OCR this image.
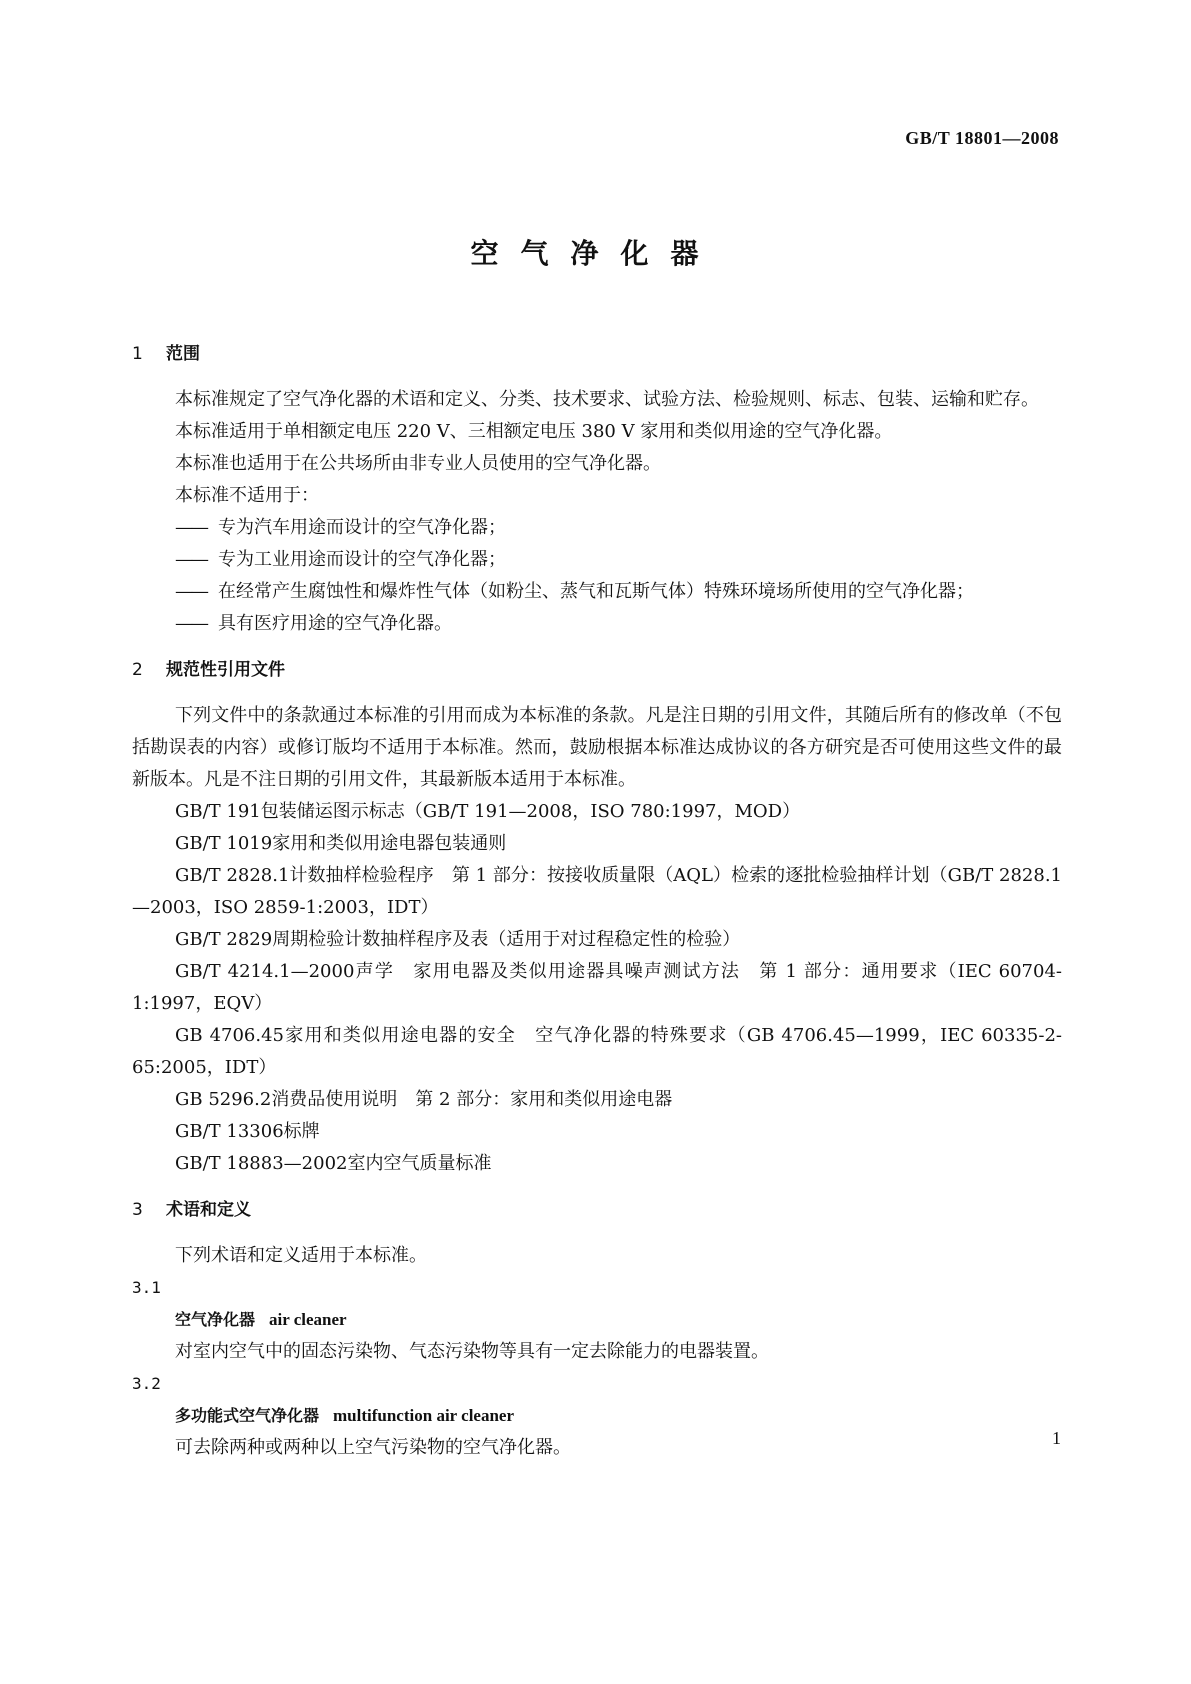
GB/T 18801—2008
空气净化器

1 范围

本标准规定了空气净化器的术语和定义、分类、技术要求、试验方法、检验规则、标志、包装、运输和贮存。

本标准适用于单相额定电压 220 V、三相额定电压 380 V 家用和类似用途的空气净化器。

本标准也适用于在公共场所由非专业人员使用的空气净化器。

本标准不适用于：

—— 专为汽车用途而设计的空气净化器；

—— 专为工业用途而设计的空气净化器；

—— 在经常产生腐蚀性和爆炸性气体（如粉尘、蒸气和瓦斯气体）特殊环境场所使用的空气净化器；

—— 具有医疗用途的空气净化器。

2 规范性引用文件

下列文件中的条款通过本标准的引用而成为本标准的条款。凡是注日期的引用文件，其随后所有的修改单（不包括勘误表的内容）或修订版均不适用于本标准。然而，鼓励根据本标准达成协议的各方研究是否可使用这些文件的最新版本。凡是不注日期的引用文件，其最新版本适用于本标准。

GB/T 191包装储运图示标志（GB/T 191—2008，ISO 780:1997，MOD）

GB/T 1019家用和类似用途电器包装通则

GB/T 2828.1计数抽样检验程序　第 1 部分：按接收质量限（AQL）检索的逐批检验抽样计划（GB/T 2828.1—2003，ISO 2859-1:2003，IDT）

GB/T 2829周期检验计数抽样程序及表（适用于对过程稳定性的检验）

GB/T 4214.1—2000声学　家用电器及类似用途器具噪声测试方法　第 1 部分：通用要求（IEC 60704-1:1997，EQV）

GB 4706.45家用和类似用途电器的安全　空气净化器的特殊要求（GB 4706.45—1999，IEC 60335-2-65:2005，IDT）

GB 5296.2消费品使用说明　第 2 部分：家用和类似用途电器

GB/T 13306标牌

GB/T 18883—2002室内空气质量标准

3 术语和定义

下列术语和定义适用于本标准。

3.1

空气净化器 air cleaner

对室内空气中的固态污染物、气态污染物等具有一定去除能力的电器装置。

3.2

多功能式空气净化器 multifunction air cleaner

可去除两种或两种以上空气污染物的空气净化器。	1
